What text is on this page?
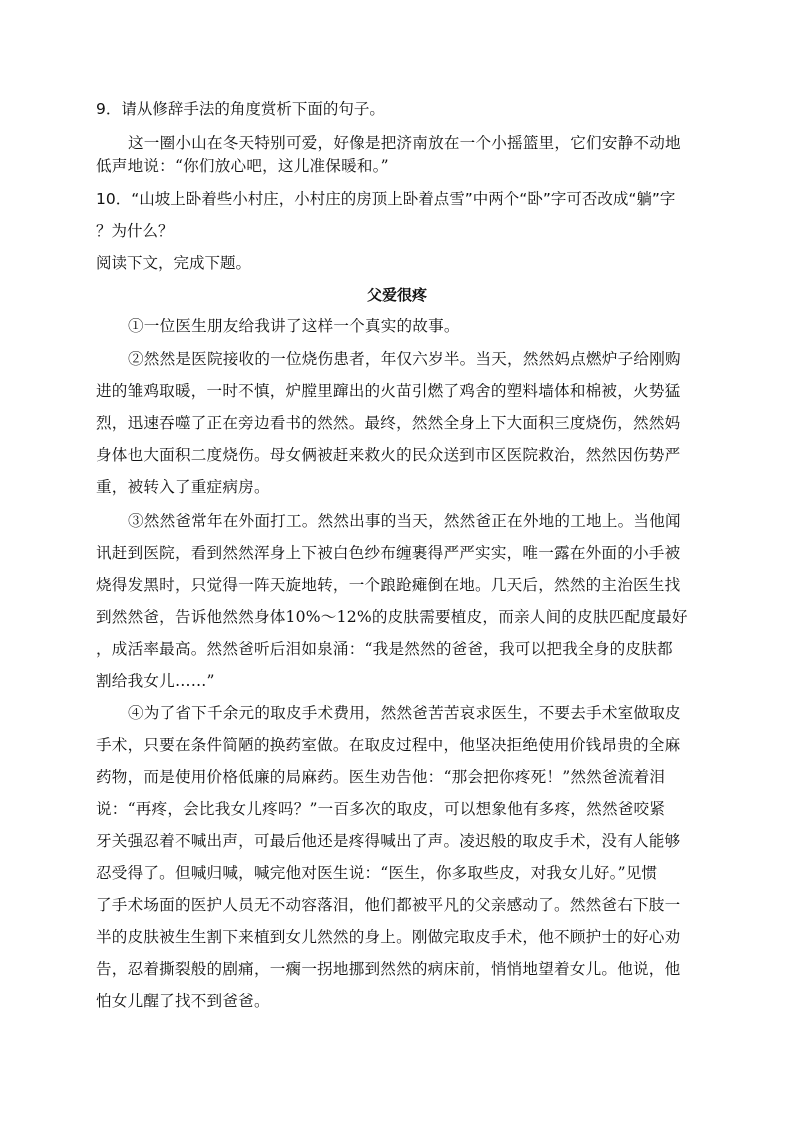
9．请从修辞手法的角度赏析下面的句子。
这一圈小山在冬天特别可爱，好像是把济南放在一个小摇篮里，它们安静不动地
低声地说：“你们放心吧，这儿准保暖和。”
10．“山坡上卧着些小村庄，小村庄的房顶上卧着点雪”中两个“卧”字可否改成“躺”字
？为什么？
阅读下文，完成下题。
父爱很疼
①一位医生朋友给我讲了这样一个真实的故事。
②然然是医院接收的一位烧伤患者，年仅六岁半。当天，然然妈点燃炉子给刚购
进的雏鸡取暖，一时不慎，炉膛里蹿出的火苗引燃了鸡舍的塑料墙体和棉被，火势猛
烈，迅速吞噬了正在旁边看书的然然。最终，然然全身上下大面积三度烧伤，然然妈
身体也大面积二度烧伤。母女俩被赶来救火的民众送到市区医院救治，然然因伤势严
重，被转入了重症病房。
③然然爸常年在外面打工。然然出事的当天，然然爸正在外地的工地上。当他闻
讯赶到医院，看到然然浑身上下被白色纱布缠裹得严严实实，唯一露在外面的小手被
烧得发黑时，只觉得一阵天旋地转，一个踉跄瘫倒在地。几天后，然然的主治医生找
到然然爸，告诉他然然身体10%～12%的皮肤需要植皮，而亲人间的皮肤匹配度最好
，成活率最高。然然爸听后泪如泉涌：“我是然然的爸爸，我可以把我全身的皮肤都
割给我女儿……”
④为了省下千余元的取皮手术费用，然然爸苦苦哀求医生，不要去手术室做取皮
手术，只要在条件简陋的换药室做。在取皮过程中，他坚决拒绝使用价钱昂贵的全麻
药物，而是使用价格低廉的局麻药。医生劝告他：“那会把你疼死！”然然爸流着泪
说：“再疼，会比我女儿疼吗？”一百多次的取皮，可以想象他有多疼，然然爸咬紧
牙关强忍着不喊出声，可最后他还是疼得喊出了声。凌迟般的取皮手术，没有人能够
忍受得了。但喊归喊，喊完他对医生说：“医生，你多取些皮，对我女儿好。”见惯
了手术场面的医护人员无不动容落泪，他们都被平凡的父亲感动了。然然爸右下肢一
半的皮肤被生生割下来植到女儿然然的身上。刚做完取皮手术，他不顾护士的好心劝
告，忍着撕裂般的剧痛，一瘸一拐地挪到然然的病床前，悄悄地望着女儿。他说，他
怕女儿醒了找不到爸爸。
